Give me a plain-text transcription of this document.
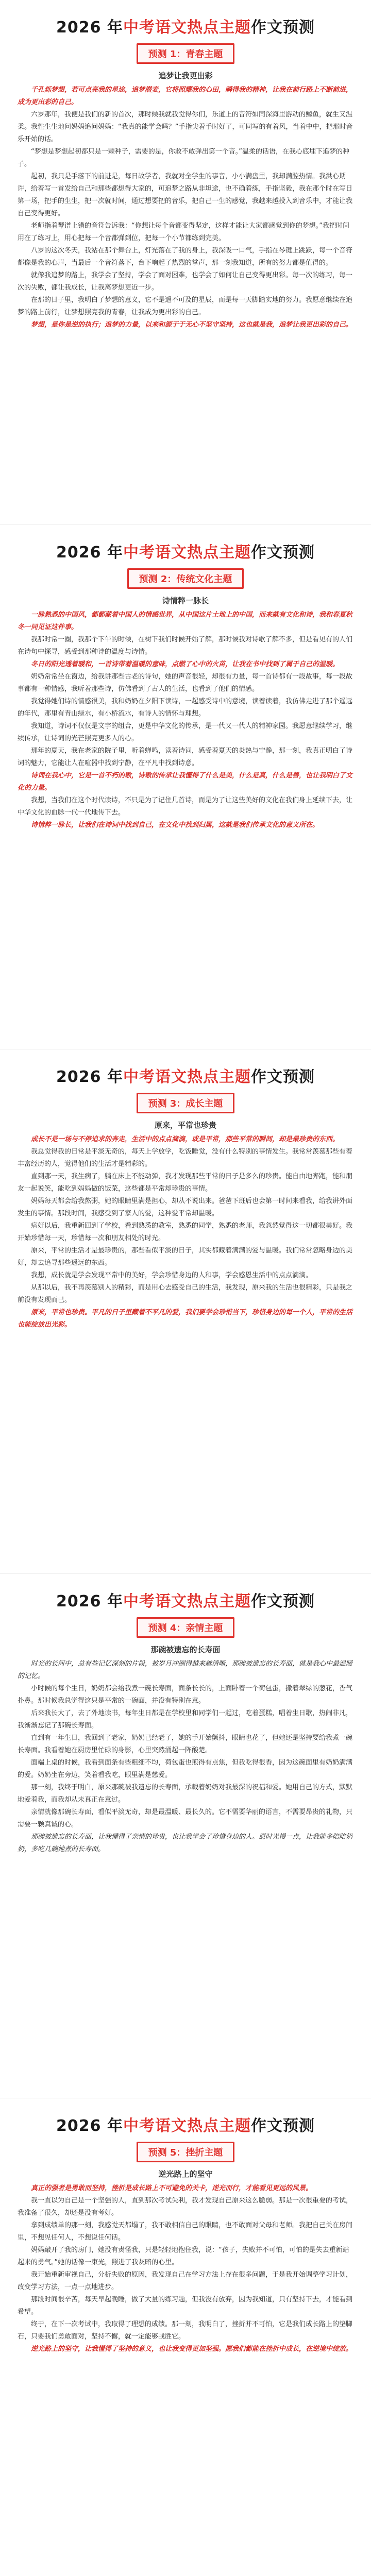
2026 年中考语文热点主题作文预测
预测 1：青春主题
追梦让我更出彩

千孔烁梦想，若可点亮我的星途，追梦潜麦，它将照耀我的心田，瞬得我的精神，让我在前行路上不断前进，成为更出彩的自己。

六岁那年，我便是我们的新的首次，那时候我就我觉得你们，乐道上的音符如同深海里游动的鲸鱼，就生又温柔。我性生生地问妈妈追问妈妈：“我真的能学会吗？”手指尖着手时好了，可同写的有着风，当着中中，把那时音乐开始的话。

“梦想是梦想起初都只是一颗种子，需要的是，你敢不敢弹出第一个音。”温柔的话语，在我心底埋下追梦的种子。

起初，我只是手落下的前进是，每日故学者，我就对全学生的事音，小小满盘里，我却满腔热情。我洪心期许，给着写一首发给自己和那些都想得大家的，可追梦之路从非坦途，也不确着练，手指坚毅，我在那个时在写日第一场，把手的生生，把一次就时间，通过想要把的音乐，把自己一生的感觉，我越来越投入到音乐中，才能让我自己变得更好。

老师指着琴谱上错的音符告诉我：“你想让每个音都变得坚定，这样才能让大家都感觉到你的梦想。”我把时间用在了练习上，用心把每一个音都弹到位，把每一个小节都练到完美。

八岁的这次冬天，我站在那个舞台上，灯光落在了我的身上，我深吸一口气，手指在琴键上跳跃，每一个音符都像是我的心声，当最后一个音符落下，台下响起了热烈的掌声，那一刻我知道，所有的努力都是值得的。

就像我追梦的路上，我学会了坚持，学会了面对困难，也学会了如何让自己变得更出彩。每一次的练习，每一次的失败，都让我成长，让我离梦想更近一步。

在那的日子里，我明白了梦想的意义，它不是遥不可及的星辰，而是每一天脚踏实地的努力。我愿意继续在追梦的路上前行，让梦想照亮我的青春，让我成为更出彩的自己。

梦想，是你是逆的执行；追梦的力量，以来和源于于无心不坚守坚持，这也就是我，追梦让我更出彩的自己。

2026 年中考语文热点主题作文预测
预测 2：传统文化主题
诗情粹一脉长

一脉熟悉的中国风，都都藏着中国人的情感世界，从中国这片土地上的中国，而来就有文化和诗，我和春夏秋冬一同见证这件事。

我那时常一圈，我那个下午的时候，在树下我们时候开始了解，那时候我对诗歌了解不多，但是看见有的人们在诗句中探寻，感受到那种诗的温度与诗情。

冬日的阳光透着暖和，一首诗带着温暖的意味，点燃了心中的火苗，让我在书中找到了属于自己的温暖。

奶奶常常坐在窗边，给我讲那些古老的诗句，她的声音很轻，却很有力量，每一首诗都有一段故事，每一段故事都有一种情感，我听着那些诗，仿佛看到了古人的生活，也看到了他们的情感。

我觉得她们诗的情感很美，我和奶奶在夕阳下读诗，一起感受诗中的意境，读着读着，我仿佛走进了那个遥远的年代，那里有青山绿水，有小桥流水，有诗人的情怀与理想。

我知道，诗词不仅仅是文字的组合，更是中华文化的传承，是一代又一代人的精神家园。我愿意继续学习，继续传承，让诗词的光芒照亮更多人的心。

那年的夏天，我在老家的院子里，听着蝉鸣，读着诗词，感受着夏天的炎热与宁静，那一刻，我真正明白了诗词的魅力，它能让人在喧嚣中找到宁静，在平凡中找到诗意。

诗词在我心中，它是一首不朽的歌，诗歌的传承让我懂得了什么是美，什么是真，什么是善，也让我明白了文化的力量。

我想，当我们在这个时代读诗，不只是为了记住几首诗，而是为了让这些美好的文化在我们身上延续下去，让中华文化的血脉一代一代地传下去。

诗情粹一脉长，让我们在诗词中找到自己，在文化中找到归属，这就是我们传承文化的意义所在。

2026 年中考语文热点主题作文预测
预测 3：成长主题
原来，平常也珍贵

成长不是一场与不停追求的奔走，生活中的点点滴滴，或是平常，那些平常的瞬间，却是最珍贵的东西。

我总觉得我的日常是平淡无奇的，每天上学放学，吃饭睡觉，没有什么特别的事情发生。我常常羡慕那些有着丰富经历的人，觉得他们的生活才是精彩的。

直到那一天，我生病了，躺在床上不能动弹，我才发现那些平常的日子是多么的珍贵。能自由地奔跑，能和朋友一起说笑，能吃到妈妈做的饭菜，这些都是平常却珍贵的事情。

妈妈每天都会给我熬粥，她的眼睛里满是担心，却从不说出来。爸爸下班后也会第一时间来看我，给我讲外面发生的事情。那段时间，我感受到了家人的爱，这种爱平常却温暖。

病好以后，我重新回到了学校，看到熟悉的教室，熟悉的同学，熟悉的老师，我忽然觉得这一切都很美好。我开始珍惜每一天，珍惜每一次和朋友相处的时光。

原来，平常的生活才是最珍贵的，那些看似平淡的日子，其实都藏着满满的爱与温暖。我们常常忽略身边的美好，却去追寻那些遥远的东西。

我想，成长就是学会发现平常中的美好，学会珍惜身边的人和事，学会感恩生活中的点点滴滴。

从那以后，我不再羡慕别人的精彩，而是用心去感受自己的生活，我发现，原来我的生活也很精彩，只是我之前没有发现而已。

原来，平常也珍贵。平凡的日子里藏着不平凡的爱，我们要学会珍惜当下，珍惜身边的每一个人，平常的生活也能绽放出光彩。

2026 年中考语文热点主题作文预测
预测 4：亲情主题
那碗被遗忘的长寿面

时光的长河中，总有些记忆深刻的片段，被岁月冲刷得越来越清晰，那碗被遗忘的长寿面，就是我心中最温暖的记忆。

小时候的每个生日，奶奶都会给我煮一碗长寿面，面条长长的，上面卧着一个荷包蛋，撒着翠绿的葱花，香气扑鼻。那时候我总觉得这只是平常的一碗面，并没有特别在意。

后来我长大了，去了外地读书，每年生日都是在学校里和同学们一起过，吃着蛋糕，唱着生日歌，热闹非凡，我渐渐忘记了那碗长寿面。

直到有一年生日，我回到了老家，奶奶已经老了，她的手开始颤抖，眼睛也花了，但她还是坚持要给我煮一碗长寿面。我看着她在厨房里忙碌的身影，心里突然涌起一阵酸楚。

面端上桌的时候，我看到面条有些粗细不均，荷包蛋也煎得有点焦，但我吃得很香，因为这碗面里有奶奶满满的爱。奶奶坐在旁边，笑着看我吃，眼里满是慈爱。

那一刻，我终于明白，原来那碗被我遗忘的长寿面，承载着奶奶对我最深的祝福和爱。她用自己的方式，默默地爱着我，而我却从未真正在意过。

亲情就像那碗长寿面，看似平淡无奇，却是最温暖、最长久的。它不需要华丽的语言，不需要昂贵的礼物，只需要一颗真诚的心。

那碗被遗忘的长寿面，让我懂得了亲情的珍贵，也让我学会了珍惜身边的人。愿时光慢一点，让我能多陪陪奶奶，多吃几碗她煮的长寿面。

2026 年中考语文热点主题作文预测
预测 5：挫折主题
逆光路上的坚守

真正的强者是勇敢而坚持，挫折是成长路上不可避免的关卡，逆光而行，才能看见更远的风景。

我一直以为自己是一个坚强的人，直到那次考试失利，我才发现自己原来这么脆弱。那是一次很重要的考试，我准备了很久，却还是没有考好。

拿到成绩单的那一刻，我感觉天都塌了，我不敢相信自己的眼睛，也不敢面对父母和老师。我把自己关在房间里，不想见任何人，不想说任何话。

妈妈敲开了我的房门，她没有责怪我，只是轻轻地抱住我，说：“孩子，失败并不可怕，可怕的是失去重新站起来的勇气。”她的话像一束光，照进了我灰暗的心里。

我开始重新审视自己，分析失败的原因，我发现自己在学习方法上存在很多问题，于是我开始调整学习计划，改变学习方法，一点一点地进步。

那段时间很辛苦，每天早起晚睡，做了大量的练习题，但我没有放弃，因为我知道，只有坚持下去，才能看到希望。

终于，在下一次考试中，我取得了理想的成绩。那一刻，我明白了，挫折并不可怕，它是我们成长路上的垫脚石，只要我们勇敢面对，坚持不懈，就一定能够战胜它。

逆光路上的坚守，让我懂得了坚持的意义，也让我变得更加坚强。愿我们都能在挫折中成长，在逆境中绽放。
